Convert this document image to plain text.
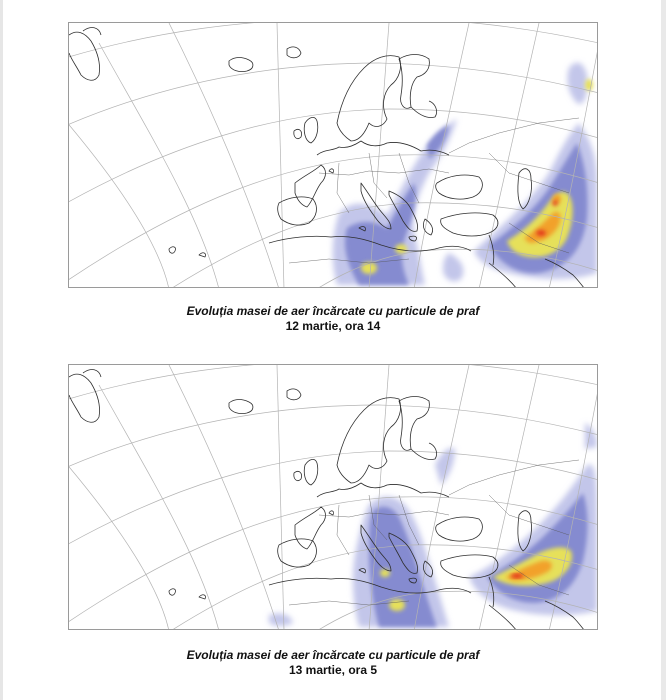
Evoluția masei de aer încărcate cu particule de praf
12 martie, ora 14
Evoluția masei de aer încărcate cu particule de praf
13 martie, ora 5
